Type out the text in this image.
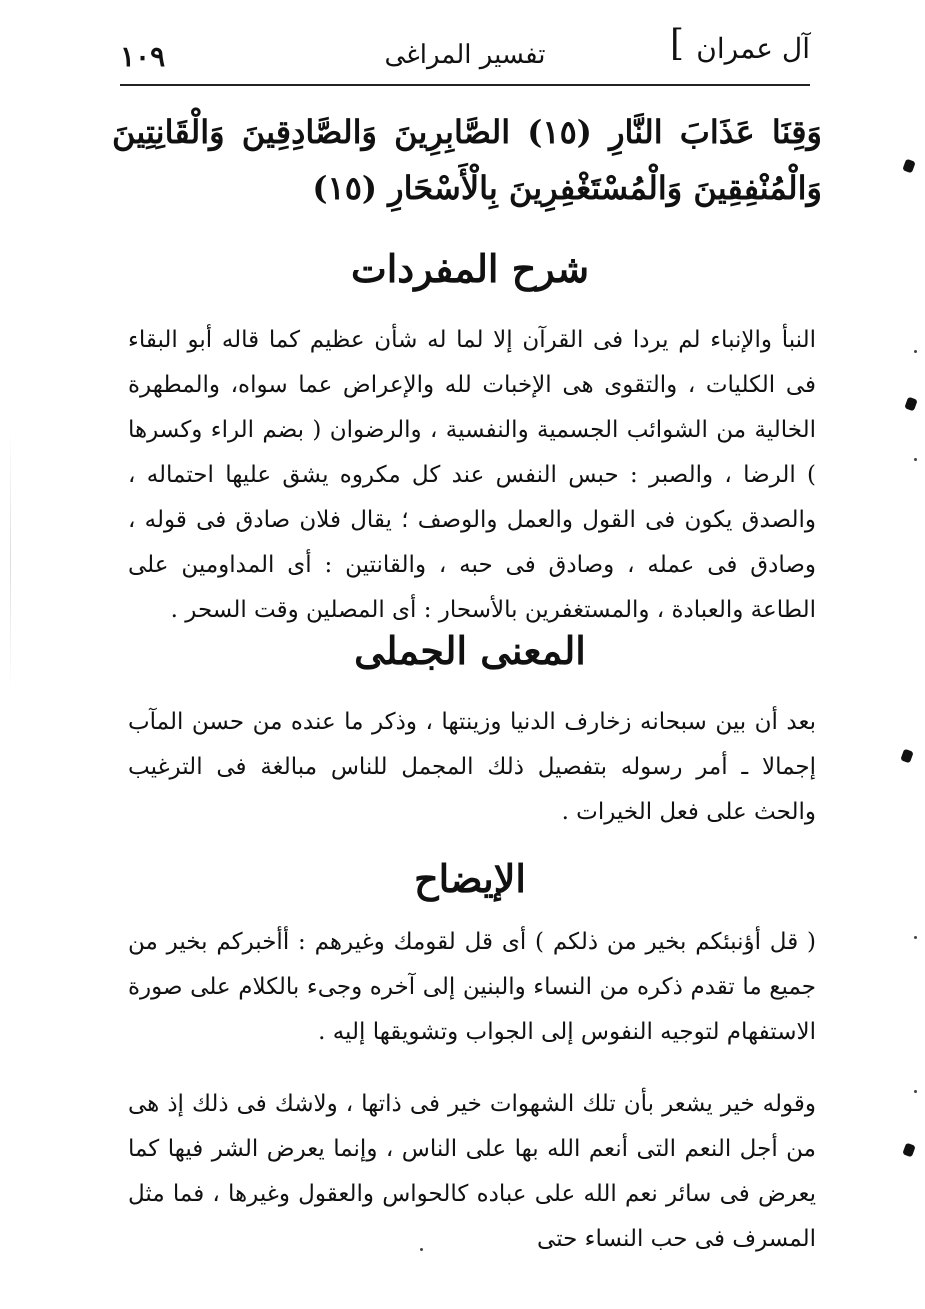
آل عمران
]
تفسير المراغى
١٠٩
وَقِنَا عَذَابَ النَّارِ (١٥) الصَّابِرِينَ وَالصَّادِقِينَ وَالْقَانِتِينَ وَالْمُنْفِقِينَ وَالْمُسْتَغْفِرِينَ بِالْأَسْحَارِ (١٥)
شرح المفردات
النبأ والإنباء لم يردا فى القرآن إلا لما له شأن عظيم كما قاله أبو البقاء فى الكليات ، والتقوى هى الإخبات لله والإعراض عما سواه، والمطهرة الخالية من الشوائب الجسمية والنفسية ، والرضوان ( بضم الراء وكسرها ) الرضا ، والصبر : حبس النفس عند كل مكروه يشق عليها احتماله ، والصدق يكون فى القول والعمل والوصف ؛ يقال فلان صادق فى قوله ، وصادق فى عمله ، وصادق فى حبه ، والقانتين : أى المداومين على الطاعة والعبادة ، والمستغفرين بالأسحار : أى المصلين وقت السحر .
المعنى الجملى
بعد أن بين سبحانه زخارف الدنيا وزينتها ، وذكر ما عنده من حسن المآب إجمالا ـ أمر رسوله بتفصيل ذلك المجمل للناس مبالغة فى الترغيب والحث على فعل الخيرات .
الإيضاح
( قل أؤنبئكم بخير من ذلكم ) أى قل لقومك وغيرهم : أأخبركم بخير من جميع ما تقدم ذكره من النساء والبنين إلى آخره وجىء بالكلام على صورة الاستفهام لتوجيه النفوس إلى الجواب وتشويقها إليه .
وقوله خير يشعر بأن تلك الشهوات خير فى ذاتها ، ولاشك فى ذلك إذ هى من أجل النعم التى أنعم الله بها على الناس ، وإنما يعرض الشر فيها كما يعرض فى سائر نعم الله على عباده كالحواس والعقول وغيرها ، فما مثل المسرف فى حب النساء حتى
